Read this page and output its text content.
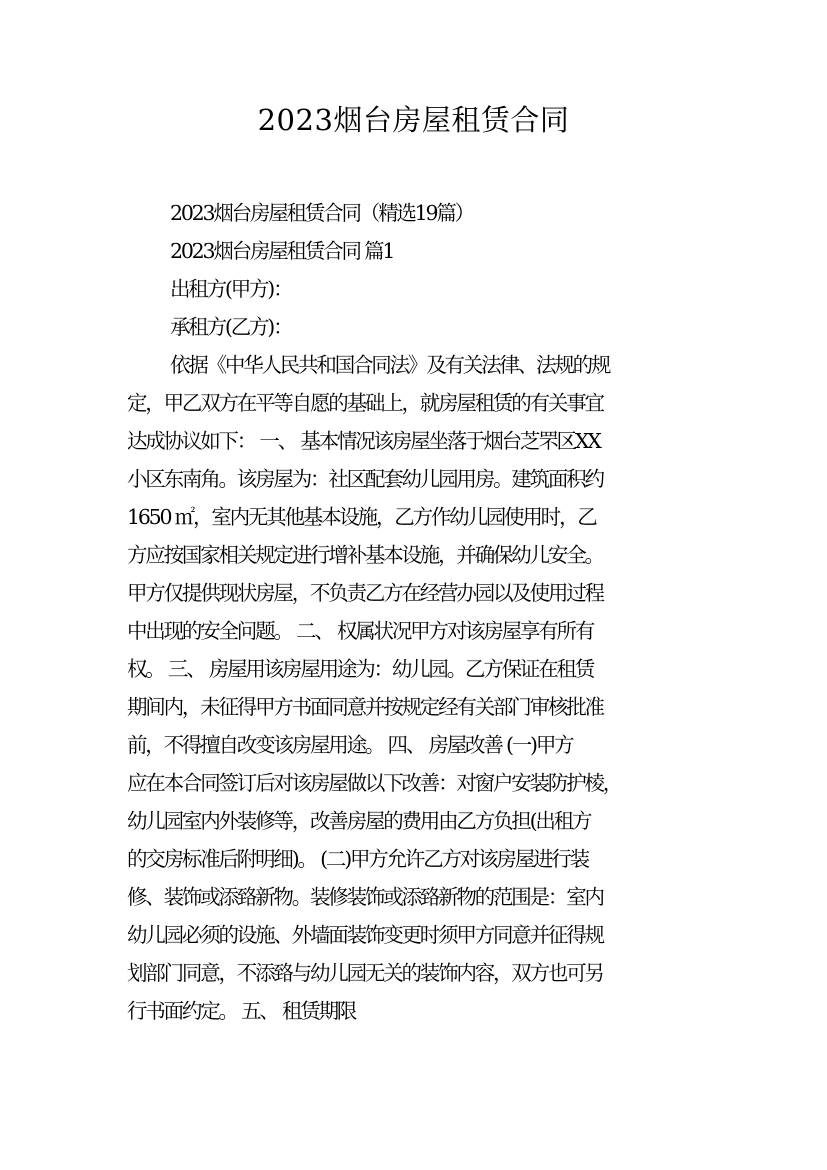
2023烟台房屋租赁合同
2023烟台房屋租赁合同（精选19篇）
2023烟台房屋租赁合同 篇1
出租方(甲方)：
承租方(乙方)：
依据《中华人民共和国合同法》及有关法律、法规的规
定，甲乙双方在平等自愿的基础上，就房屋租赁的有关事宜
达成协议如下： 一、 基本情况该房屋坐落于烟台芝罘区XX
小区东南角。该房屋为：社区配套幼儿园用房。建筑面积约
1650 ㎡，室内无其他基本设施，乙方作幼儿园使用时，乙
方应按国家相关规定进行增补基本设施，并确保幼儿安全。
甲方仅提供现状房屋，不负责乙方在经营办园以及使用过程
中出现的安全问题。 二、 权属状况甲方对该房屋享有所有
权。 三、 房屋用该房屋用途为：幼儿园。乙方保证在租赁
期间内，未征得甲方书面同意并按规定经有关部门审核批准
前，不得擅自改变该房屋用途。 四、 房屋改善 (一)甲方
应在本合同签订后对该房屋做以下改善：对窗户安装防护棱，
幼儿园室内外装修等，改善房屋的费用由乙方负担(出租方
的交房标准后附明细)。 (二)甲方允许乙方对该房屋进行装
修、装饰或添臵新物。装修装饰或添臵新物的范围是：室内
幼儿园必须的设施、外墙面装饰变更时须甲方同意并征得规
划部门同意，不添臵与幼儿园无关的装饰内容，双方也可另
行书面约定。 五、 租赁期限
